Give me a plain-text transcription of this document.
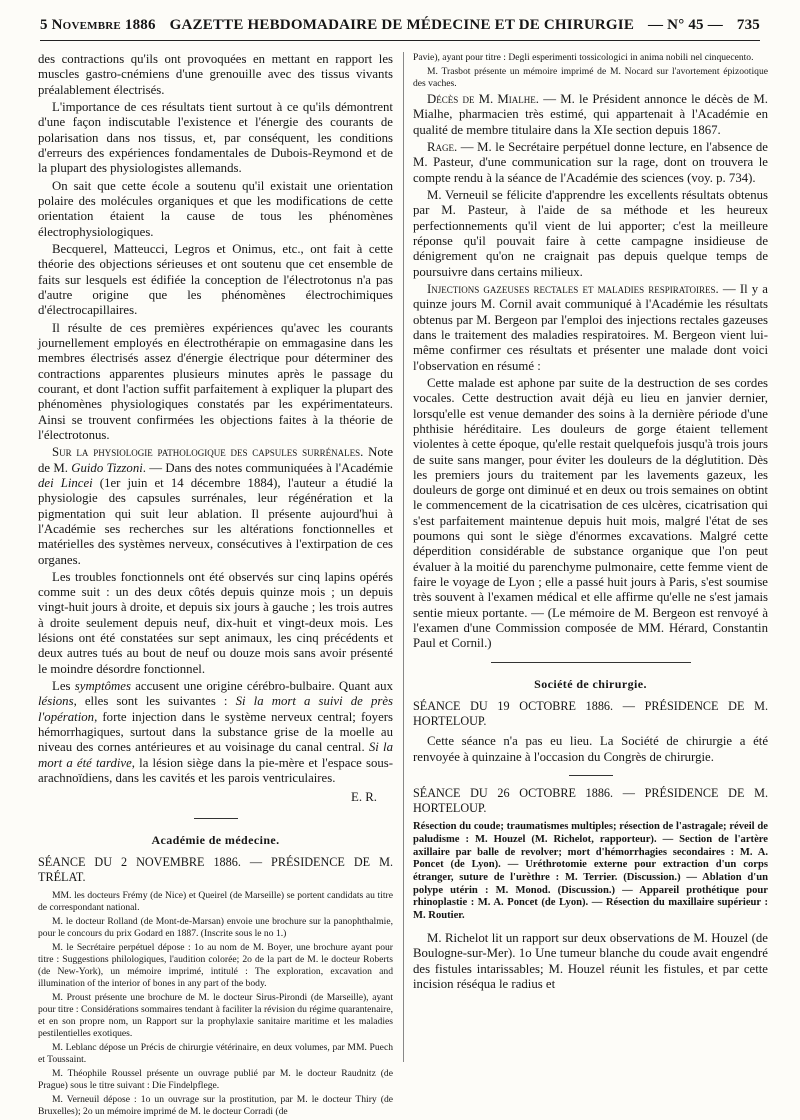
5 Novembre 1886 GAZETTE HEBDOMADAIRE DE MÉDECINE ET DE CHIRURGIE — N° 45 — 735

des contractions qu'ils ont provoquées en mettant en rapport les muscles gastro-cnémiens d'une grenouille avec des tissus vivants préalablement électrisés.

L'importance de ces résultats tient surtout à ce qu'ils démontrent d'une façon indiscutable l'existence et l'énergie des courants de polarisation dans nos tissus, et, par conséquent, les conditions d'erreurs des expériences fondamentales de Dubois-Reymond et de la plupart des physiologistes allemands.

On sait que cette école a soutenu qu'il existait une orientation polaire des molécules organiques et que les modifications de cette orientation étaient la cause de tous les phénomènes électrophysiologiques.

Becquerel, Matteucci, Legros et Onimus, etc., ont fait à cette théorie des objections sérieuses et ont soutenu que cet ensemble de faits sur lesquels est édifiée la conception de l'électrotonus n'a pas d'autre origine que les phénomènes électrochimiques d'électrocapillaires.

Il résulte de ces premières expériences qu'avec les courants journellement employés en électrothérapie on emmagasine dans les membres électrisés assez d'énergie électrique pour déterminer des contractions apparentes plusieurs minutes après le passage du courant, et dont l'action suffit parfaitement à expliquer la plupart des phénomènes physiologiques constatés par les expérimentateurs. Ainsi se trouvent confirmées les objections faites à la théorie de l'électrotonus.

Sur la physiologie pathologique des capsules surrénales. Note de M. Guido Tizzoni. — Dans des notes communiquées à l'Académie dei Lincei (1er juin et 14 décembre 1884), l'auteur a étudié la physiologie des capsules surrénales, leur régénération et la pigmentation qui suit leur ablation. Il présente aujourd'hui à l'Académie ses recherches sur les altérations fonctionnelles et matérielles des systèmes nerveux, consécutives à l'extirpation de ces organes.

Les troubles fonctionnels ont été observés sur cinq lapins opérés comme suit : un des deux côtés depuis quinze mois ; un depuis vingt-huit jours à droite, et depuis six jours à gauche ; les trois autres à droite seulement depuis neuf, dix-huit et vingt-deux mois. Les lésions ont été constatées sur sept animaux, les cinq précédents et deux autres tués au bout de neuf ou douze mois sans avoir présenté le moindre désordre fonctionnel.

Les symptômes accusent une origine cérébro-bulbaire. Quant aux lésions, elles sont les suivantes : Si la mort a suivi de près l'opération, forte injection dans le système nerveux central; foyers hémorrhagiques, surtout dans la substance grise de la moelle au niveau des cornes antérieures et au voisinage du canal central. Si la mort a été tardive, la lésion siège dans la pie-mère et l'espace sous-arachnoïdiens, dans les cavités et les parois ventriculaires.

E. R.

Académie de médecine.

SÉANCE DU 2 NOVEMBRE 1886. — PRÉSIDENCE DE M. TRÉLAT.

MM. les docteurs Frémy (de Nice) et Queirel (de Marseille) se portent candidats au titre de correspondant national.

M. le docteur Rolland (de Mont-de-Marsan) envoie une brochure sur la panophthalmie, pour le concours du prix Godard en 1887. (Inscrite sous le no 1.)

M. le Secrétaire perpétuel dépose : 1o au nom de M. Boyer, une brochure ayant pour titre : Suggestions philologiques, l'audition colorée; 2o de la part de M. le docteur Roberts (de New-York), un mémoire imprimé, intitulé : The exploration, excavation and illumination of the interior of bones in any part of the body.

M. Proust présente une brochure de M. le docteur Sirus-Pirondi (de Marseille), ayant pour titre : Considérations sommaires tendant à faciliter la révision du régime quarantenaire, et en son propre nom, un Rapport sur la prophylaxie sanitaire maritime et les maladies pestilentielles exotiques.

M. Leblanc dépose un Précis de chirurgie vétérinaire, en deux volumes, par MM. Puech et Toussaint.

M. Théophile Roussel présente un ouvrage publié par M. le docteur Raudnitz (de Prague) sous le titre suivant : Die Findelpflege.

M. Verneuil dépose : 1o un ouvrage sur la prostitution, par M. le docteur Thiry (de Bruxelles); 2o un mémoire imprimé de M. le docteur Corradi (de

Pavie), ayant pour titre : Degli esperimenti tossicologici in anima nobili nel cinquecento.

M. Trasbot présente un mémoire imprimé de M. Nocard sur l'avortement épizootique des vaches.

Décès de M. Mialhe. — M. le Président annonce le décès de M. Mialhe, pharmacien très estimé, qui appartenait à l'Académie en qualité de membre titulaire dans la XIe section depuis 1867.

Rage. — M. le Secrétaire perpétuel donne lecture, en l'absence de M. Pasteur, d'une communication sur la rage, dont on trouvera le compte rendu à la séance de l'Académie des sciences (voy. p. 734).

M. Verneuil se félicite d'apprendre les excellents résultats obtenus par M. Pasteur, à l'aide de sa méthode et les heureux perfectionnements qu'il vient de lui apporter; c'est la meilleure réponse qu'il pouvait faire à cette campagne insidieuse de dénigrement qu'on ne craignait pas depuis quelque temps de poursuivre dans certains milieux.

Injections gazeuses rectales et maladies respiratoires. — Il y a quinze jours M. Cornil avait communiqué à l'Académie les résultats obtenus par M. Bergeon par l'emploi des injections rectales gazeuses dans le traitement des maladies respiratoires. M. Bergeon vient lui-même confirmer ces résultats et présenter une malade dont voici l'observation en résumé :

Cette malade est aphone par suite de la destruction de ses cordes vocales. Cette destruction avait déjà eu lieu en janvier dernier, lorsqu'elle est venue demander des soins à la dernière période d'une phthisie héréditaire. Les douleurs de gorge étaient tellement violentes à cette époque, qu'elle restait quelquefois jusqu'à trois jours de suite sans manger, pour éviter les douleurs de la déglutition. Dès les premiers jours du traitement par les lavements gazeux, les douleurs de gorge ont diminué et en deux ou trois semaines on obtint le commencement de la cicatrisation de ces ulcères, cicatrisation qui s'est parfaitement maintenue depuis huit mois, malgré l'état de ses poumons qui sont le siège d'énormes excavations. Malgré cette déperdition considérable de substance organique que l'on peut évaluer à la moitié du parenchyme pulmonaire, cette femme vient de faire le voyage de Lyon ; elle a passé huit jours à Paris, s'est soumise très souvent à l'examen médical et elle affirme qu'elle ne s'est jamais sentie mieux portante. — (Le mémoire de M. Bergeon est renvoyé à l'examen d'une Commission composée de MM. Hérard, Constantin Paul et Cornil.)

Société de chirurgie.

SÉANCE DU 19 OCTOBRE 1886. — PRÉSIDENCE DE M. HORTELOUP.

Cette séance n'a pas eu lieu. La Société de chirurgie a été renvoyée à quinzaine à l'occasion du Congrès de chirurgie.

SÉANCE DU 26 OCTOBRE 1886. — PRÉSIDENCE DE M. HORTELOUP.

Résection du coude; traumatismes multiples; résection de l'astragale; réveil de paludisme : M. Houzel (M. Richelot, rapporteur). — Section de l'artère axillaire par balle de revolver; mort d'hémorrhagies secondaires : M. A. Poncet (de Lyon). — Uréthrotomie externe pour extraction d'un corps étranger, suture de l'urèthre : M. Terrier. (Discussion.) — Ablation d'un polype utérin : M. Monod. (Discussion.) — Appareil prothétique pour rhinoplastie : M. A. Poncet (de Lyon). — Résection du maxillaire supérieur : M. Routier.

M. Richelot lit un rapport sur deux observations de M. Houzel (de Boulogne-sur-Mer). 1o Une tumeur blanche du coude avait engendré des fistules intarissables; M. Houzel réunit les fistules, et par cette incision réséqua le radius et
